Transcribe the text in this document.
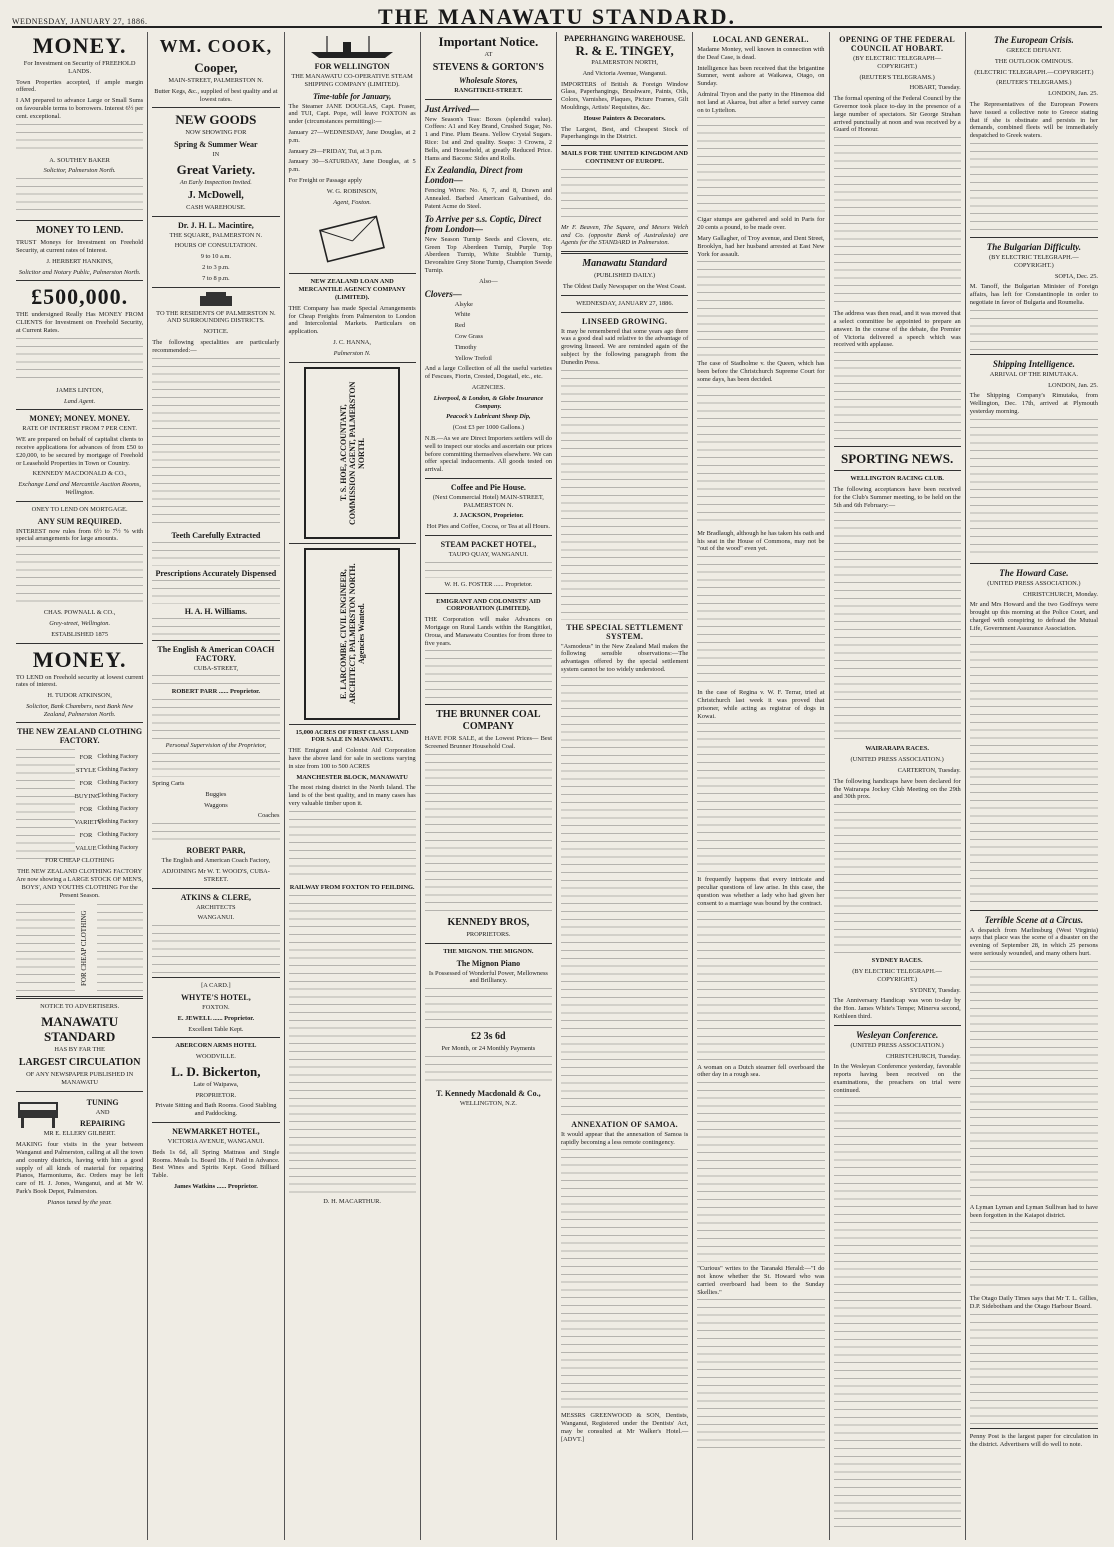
WEDNESDAY, JANUARY 27, 1886.	THE MANAWATU STANDARD.
MONEY.
For Investment on Security of FREEHOLD LANDS.
Town Properties accepted, if ample margin offered.
I AM prepared to advance Large or Small Sums on favourable terms to borrowers. Interest 6½ per cent. exceptional.
A. SOUTHEY BAKER
Solicitor, Palmerston North.
MONEY TO LEND.
TRUST Moneys for Investment on Freehold Security, at current rates of Interest.
J. HERBERT HANKINS,
Solicitor and Notary Public, Palmerston North.
£500,000.
THE undersigned Really Has MONEY FROM CLIENTS for Investment on Freehold Security, at Current Rates.
JAMES LINTON,
Land Agent.
MONEY; MONEY. MONEY.
RATE OF INTEREST FROM 7 PER CENT.
WE are prepared on behalf of capitalist clients to receive applications for advances of from £50 to £20,000, to be secured by mortgage of Freehold or Leasehold Properties in Town or Country.
KENNEDY MACDONALD & CO.,
Exchange Land and Mercantile Auction Rooms, Wellington.
ONEY TO LEND ON MORTGAGE.
ANY SUM REQUIRED.
INTEREST now rules from 6½ to 7½ % with special arrangements for large amounts.
CHAS. POWNALL & CO.,
Grey-street, Wellington.
ESTABLISHED 1875
MONEY.
TO LEND on Freehold security at lowest current rates of interest.
H. TUDOR ATKINSON,
Solicitor, Bank Chambers, next Bank New Zealand, Palmerston North.
THE NEW ZEALAND CLOTHING FACTORY.
FOR
STYLE
FOR
BUYING
FOR
VARIETY
FOR
VALUE
Clothing Factory
Clothing Factory
Clothing Factory
Clothing Factory
Clothing Factory
Clothing Factory
Clothing Factory
Clothing Factory
FOR CHEAP CLOTHING
THE NEW ZEALAND CLOTHING FACTORY Are now showing a LARGE STOCK OF MEN'S, BOYS', AND YOUTHS CLOTHING For the Present Season.
FOR CHEAP CLOTHING
NOTICE TO ADVERTISERS.
MANAWATU STANDARD
HAS BY FAR THE
LARGEST CIRCULATION
OF ANY NEWSPAPER PUBLISHED IN MANAWATU
TUNING
AND
REPAIRING
MR E. ELLERY GILBERT.
MAKING four visits in the year between Wanganui and Palmerston, calling at all the town and country districts, having with him a good supply of all kinds of material for repairing Pianos, Harmoniums, &c. Orders may be left care of H. J. Jones, Wanganui, and at Mr W. Park's Book Depot, Palmerston.
Pianos tuned by the year.
WM. COOK,
Cooper,
MAIN-STREET, PALMERSTON N.
Butter Kegs, &c., supplied of best quality and at lowest rates.
NEW GOODS
NOW SHOWING FOR
Spring & Summer Wear
IN
Great Variety.
An Early Inspection Invited.
J. McDowell,
CASH WAREHOUSE.
Dr. J. H. L. Macintire,
THE SQUARE, PALMERSTON N.
HOURS OF CONSULTATION.
9 to 10 a.m.
2 to 3 p.m.
7 to 8 p.m.
TO THE RESIDENTS OF PALMERSTON N. AND SURROUNDING DISTRICTS.
NOTICE.
The following specialities are particularly recommended:—
Teeth Carefully Extracted
Prescriptions Accurately Dispensed
H. A. H. Williams.
The English & American COACH FACTORY.
CUBA-STREET,
ROBERT PARR ...... Proprietor.
Personal Supervision of the Proprietor,
Spring Carts
Buggies
Waggons
Coaches
ROBERT PARR,
The English and American Coach Factory,
ADJOINING Mr W. T. WOOD'S, CUBA-STREET.
ATKINS & CLERE,
ARCHITECTS
WANGANUI.
[A CARD.]
WHYTE'S HOTEL,
FOXTON.
E. JEWELL ...... Proprietor.
Excellent Table Kept.
ABERCORN ARMS HOTEL
WOODVILLE.
L. D. Bickerton,
Late of Waipawa,
PROPRIETOR.
Private Sitting and Bath Rooms. Good Stabling and Paddocking.
NEWMARKET HOTEL,
VICTORIA AVENUE, WANGANUI.
Beds 1s 6d, all Spring Mattrass and Single Rooms. Meals 1s. Board 18s. if Paid in Advance. Best Wines and Spirits Kept. Good Billiard Table.
James Watkins ...... Proprietor.
FOR WELLINGTON
THE MANAWATU CO-OPERATIVE STEAM SHIPPING COMPANY (LIMITED).
Time-table for January,
The Steamer JANE DOUGLAS, Capt. Fraser, and TUI, Capt. Pope, will leave FOXTON as under (circumstances permitting):—
January 27—WEDNESDAY, Jane Douglas, at 2 p.m.
January 29—FRIDAY, Tui, at 3 p.m.
January 30—SATURDAY, Jane Douglas, at 5 p.m.
For Freight or Passage apply
W. G. ROBINSON,
Agent, Foxton.
NEW ZEALAND LOAN AND MERCANTILE AGENCY COMPANY (LIMITED).
THE Company has made Special Arrangements for Cheap Freights from Palmerston to London and Intercolonial Markets. Particulars on application.
J. C. HANNA,
Palmerston N.
T. S. HOE, ACCOUNTANT, COMMISSION AGENT, PALMERSTON NORTH.
E. LARCOMBE, CIVIL ENGINEER, ARCHITECT, PALMERSTON NORTH. Agencies Wanted.
15,000 ACRES OF FIRST CLASS LAND FOR SALE IN MANAWATU.
THE Emigrant and Colonist Aid Corporation have the above land for sale in sections varying in size from 100 to 500 ACRES
MANCHESTER BLOCK, MANAWATU
The most rising district in the North Island. The land is of the best quality, and in many cases has very valuable timber upon it.
RAILWAY FROM FOXTON TO FEILDING.
D. H. MACARTHUR.
Important Notice.
AT
STEVENS & GORTON'S
Wholesale Stores,
RANGITIKEI-STREET.
Just Arrived—
New Season's Teas: Boxes (splendid value). Coffees: A1 and Key Brand, Crushed Sugar, No. 1 and Fine. Plum Beans. Yellow Crystal Sugars. Rice: 1st and 2nd quality. Soaps: 3 Crowns, 2 Bells, and Household, at greatly Reduced Price. Hams and Bacons: Sides and Rolls.
Ex Zealandia, Direct from London—
Fencing Wires: No. 6, 7, and 8, Drawn and Annealed. Barbed American Galvanised, do. Patent Acme do Steel.
To Arrive per s.s. Coptic, Direct from London—
New Season Turnip Seeds and Clovers, etc. Green Top Aberdeen Turnip, Purple Top Aberdeen Turnip, White Stubble Turnip, Devonshire Grey Stone Turnip, Champion Swede Turnip.
Also—
Clovers—
Alsyke
White
Red
Cow Grass
Timothy
Yellow Trefoil
And a large Collection of all the useful varieties of Fescues, Fiorin, Crested, Dogstail, etc., etc.
AGENCIES.
Liverpool, & London, & Globe Insurance Company.
Peacock's Lubricant Sheep Dip,
(Cost £3 per 1000 Gallons.)
N.B.—As we are Direct Importers settlers will do well to inspect our stocks and ascertain our prices before committing themselves elsewhere. We can offer special inducements. All goods tested on arrival.
Coffee and Pie House.
(Next Commercial Hotel) MAIN-STREET, PALMERSTON N.
J. JACKSON, Proprietor.
Hot Pies and Coffee, Cocoa, or Tea at all Hours.
STEAM PACKET HOTEL,
TAUPO QUAY, WANGANUI.
W. H. G. FOSTER ...... Proprietor.
EMIGRANT AND COLONISTS' AID CORPORATION (LIMITED).
THE Corporation will make Advances on Mortgage on Rural Lands within the Rangitikei, Oroua, and Manawatu Counties for from three to five years.
THE BRUNNER COAL COMPANY
HAVE FOR SALE, at the Lowest Prices— Best Screened Brunner Household Coal.
KENNEDY BROS,
PROPRIETORS.
THE MIGNON. THE MIGNON.
The Mignon Piano
Is Possessed of Wonderful Power, Mellowness and Brilliancy.
£2 3s 6d
Per Month, or 24 Monthly Payments
T. Kennedy Macdonald & Co.,
WELLINGTON, N.Z.
PAPERHANGING WAREHOUSE.
R. & E. TINGEY,
PALMERSTON NORTH,
And Victoria Avenue, Wanganui.
IMPORTERS of British & Foreign Window Glass, Paperhangings, Brushware, Paints, Oils, Colors, Varnishes, Plaques, Picture Frames, Gilt Mouldings, Artists' Requisites, &c.
House Painters & Decorators.
The Largest, Best, and Cheapest Stock of Paperhangings in the District.
MAILS FOR THE UNITED KINGDOM AND CONTINENT OF EUROPE.
Mr F. Beaven, The Square, and Messrs Welch and Co. (opposite Bank of Australasia) are Agents for the STANDARD in Palmerston.
Manawatu Standard
(PUBLISHED DAILY.)
The Oldest Daily Newspaper on the West Coast.
WEDNESDAY, JANUARY 27, 1886.
LINSEED GROWING.
It may be remembered that some years ago there was a good deal said relative to the advantage of growing linseed. We are reminded again of the subject by the following paragraph from the Dunedin Press.
THE SPECIAL SETTLEMENT SYSTEM.
"Asmodeus" in the New Zealand Mail makes the following sensible observations:—The advantages offered by the special settlement system cannot be too widely understood.
ANNEXATION OF SAMOA.
It would appear that the annexation of Samoa is rapidly becoming a less remote contingency.
MESSRS GREENWOOD & SON, Dentists, Wanganui, Registered under the Dentists' Act, may be consulted at Mr Walker's Hotel.—[ADVT.]
LOCAL AND GENERAL.
Madame Montey, well known in connection with the Deaf Case, is dead.
Intelligence has been received that the brigantine Sumner, went ashore at Waikawa, Otago, on Sunday.
Admiral Tryon and the party in the Hinemoa did not land at Akaroa, but after a brief survey came on to Lyttelton.
Cigar stumps are gathered and sold in Paris for 20 cents a pound, to be made over.
Mary Gallagher, of Troy avenue, and Dent Street, Brooklyn, had her husband arrested at East New York for assault.
The case of Stadholme v. the Queen, which has been before the Christchurch Supreme Court for some days, has been decided.
Mr Bradlaugh, although he has taken his oath and his seat in the House of Commons, may not be "out of the wood" even yet.
In the case of Regina v. W. F. Terrar, tried at Christchurch last week it was proved that prisoner, while acting as registrar of dogs in Kowai.
It frequently happens that every intricate and peculiar questions of law arise. In this case, the question was whether a lady who had given her consent to a marriage was bound by the contract.
A woman on a Dutch steamer fell overboard the other day in a rough sea.
"Curious" writes to the Taranaki Herald:—"I do not know whether the St. Howard who was carried overboard had been to the Sunday Skellies."
OPENING OF THE FEDERAL COUNCIL AT HOBART.
(BY ELECTRIC TELEGRAPH—COPYRIGHT.)
(REUTER'S TELEGRAMS.)
HOBART, Tuesday.
The formal opening of the Federal Council by the Governor took place to-day in the presence of a large number of spectators. Sir George Strahan arrived punctually at noon and was received by a Guard of Honour.
The address was then read, and it was moved that a select committee be appointed to prepare an answer. In the course of the debate, the Premier of Victoria delivered a speech which was received with applause.
SPORTING NEWS.
WELLINGTON RACING CLUB.
The following acceptances have been received for the Club's Summer meeting, to be held on the 5th and 6th February:—
WAIRARAPA RACES.
(UNITED PRESS ASSOCIATION.)
CARTERTON, Tuesday.
The following handicaps have been declared for the Wairarapa Jockey Club Meeting on the 29th and 30th prox.
SYDNEY RACES.
(BY ELECTRIC TELEGRAPH.—COPYRIGHT.)
SYDNEY, Tuesday.
The Anniversary Handicap was won to-day by the Hon. James White's Tempe; Minerva second, Kethleen third.
Wesleyan Conference.
(UNITED PRESS ASSOCIATION.)
CHRISTCHURCH, Tuesday.
In the Wesleyan Conference yesterday, favorable reports having been received on the examinations, the preachers on trial were continued.
The European Crisis.
GREECE DEFIANT.
THE OUTLOOK OMINOUS.
(ELECTRIC TELEGRAPH.—COPYRIGHT.)
(REUTER'S TELEGRAMS.)
LONDON, Jan. 25.
The Representatives of the European Powers have issued a collective note to Greece stating that if she is obstinate and persists in her demands, combined fleets will be immediately despatched to Greek waters.
The Bulgarian Difficulty.
(BY ELECTRIC TELEGRAPH.—COPYRIGHT.)
SOFIA, Dec. 25.
M. Tanoff, the Bulgarian Minister of Foreign affairs, has left for Constantinople in order to negotiate in favor of Bulgaria and Roumelia.
Shipping Intelligence.
ARRIVAL OF THE RIMUTAKA.
LONDON, Jan. 25.
The Shipping Company's Rimutaka, from Wellington, Dec. 17th, arrived at Plymouth yesterday morning.
The Howard Case.
(UNITED PRESS ASSOCIATION.)
CHRISTCHURCH, Monday.
Mr and Mrs Howard and the two Godfreys were brought up this morning at the Police Court, and charged with conspiring to defraud the Mutual Life, Government Assurance Association.
Terrible Scene at a Circus.
A despatch from Marlinsburg (West Virginia) says that place was the scene of a disaster on the evening of September 28, in which 25 persons were seriously wounded, and many others hurt.
A Lyman Lyman and Lyman Sullivan had to have been forgotten in the Kaiapoi district.
The Otago Daily Times says that Mr T. L. Gillies, D.P. Sidebotham and the Otago Harbour Board.
Penny Post is the largest paper for circulation in the district. Advertisers will do well to note.
